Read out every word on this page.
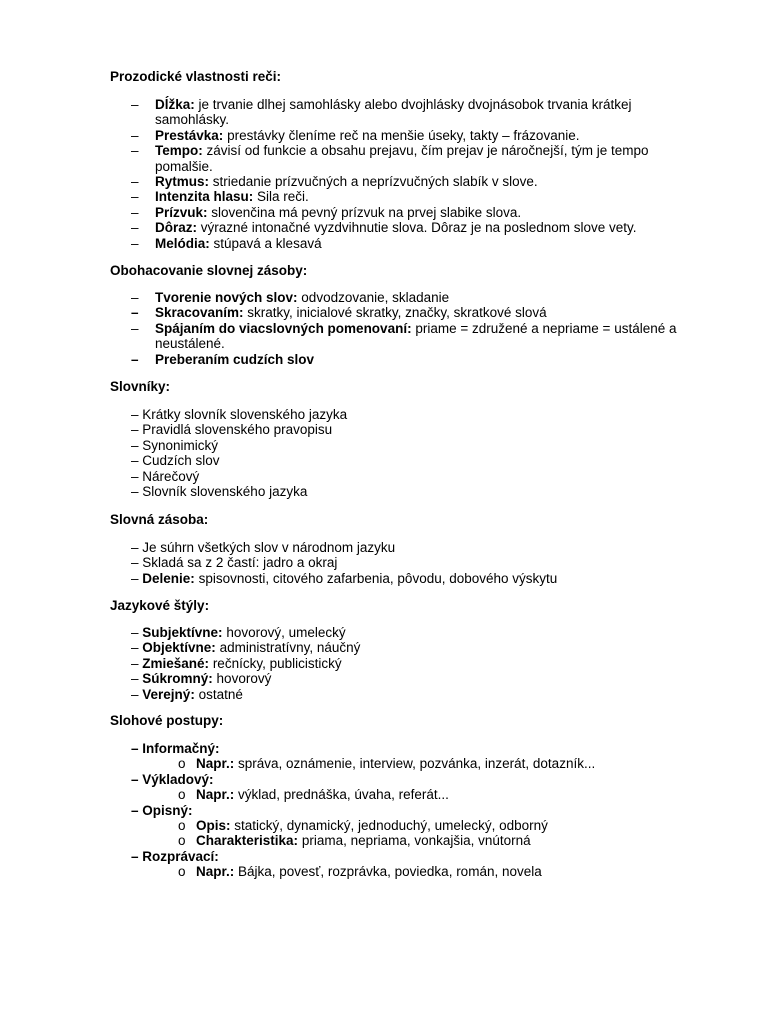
Prozodické vlastnosti reči:
– Dĺžka: je trvanie dlhej samohlásky alebo dvojhlásky dvojnásobok trvania krátkej samohlásky.
– Prestávka: prestávky členíme reč na menšie úseky, takty – frázovanie.
– Tempo: závisí od funkcie a obsahu prejavu, čím prejav je náročnejší, tým je tempo pomalšie.
– Rytmus: striedanie prízvučných a neprízvučných slabík v slove.
– Intenzita hlasu: Sila reči.
– Prízvuk: slovenčina má pevný prízvuk na prvej slabike slova.
– Dôraz: výrazné intonačné vyzdvihnutie slova. Dôraz je na poslednom slove vety.
– Melódia: stúpavá a klesavá
Obohacovanie slovnej zásoby:
– Tvorenie nových slov: odvodzovanie, skladanie
– Skracovaním: skratky, inicialové skratky, značky, skratkové slová
– Spájaním do viacslovných pomenovaní: priame = združené a nepriame = ustálené a neustálené.
– Preberaním cudzích slov
Slovníky:
– Krátky slovník slovenského jazyka
– Pravidlá slovenského pravopisu
– Synonimický
– Cudzích slov
– Nárečový
– Slovník slovenského jazyka
Slovná zásoba:
– Je súhrn všetkých slov v národnom jazyku
– Skladá sa z 2 častí: jadro a okraj
– Delenie: spisovnosti, citového zafarbenia, pôvodu, dobového výskytu
Jazykové štýly:
– Subjektívne: hovorový, umelecký
– Objektívne: administratívny, náučný
– Zmiešané: rečnícky, publicistický
– Súkromný: hovorový
– Verejný: ostatné
Slohové postupy:
– Informačný:
o Napr.: správa, oznámenie, interview, pozvánka, inzerát, dotazník...
– Výkladový:
o Napr.: výklad, prednáška, úvaha, referát...
– Opisný:
o Opis: statický, dynamický, jednoduchý, umelecký, odborný
o Charakteristika: priama, nepriama, vonkajšia, vnútorná
– Rozprávací:
o Napr.: Bájka, povesť, rozprávka, poviedka, román, novela
